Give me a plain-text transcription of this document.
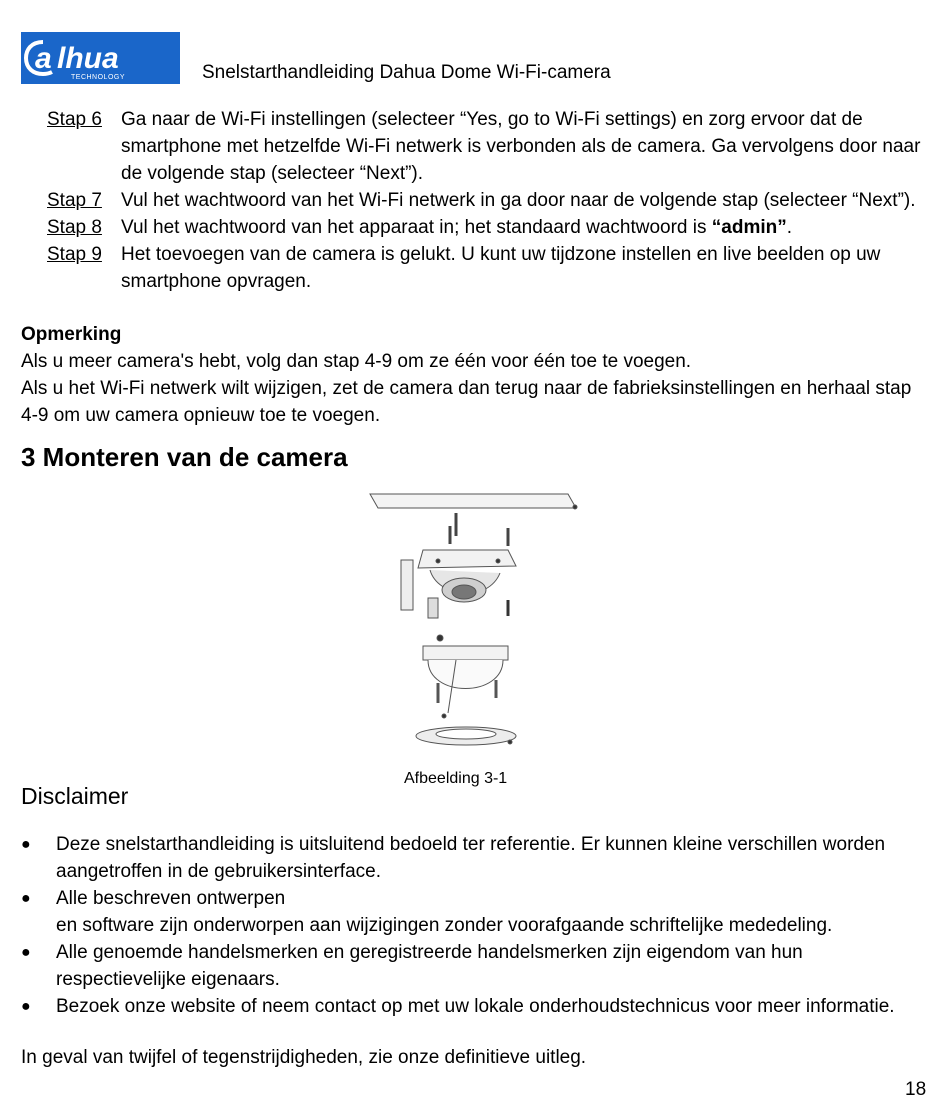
a lhua
TECHNOLOGY	Snelstarthandleiding Dahua Dome Wi-Fi-camera
Stap 6 Ga naar de Wi-Fi instellingen (selecteer “Yes, go to Wi-Fi settings) en zorg ervoor dat de smartphone met hetzelfde Wi-Fi netwerk is verbonden als de camera. Ga vervolgens door naar de volgende stap (selecteer “Next”).
Stap 7 Vul het wachtwoord van het Wi-Fi netwerk in ga door naar de volgende stap (selecteer “Next”).
Stap 8 Vul het wachtwoord van het apparaat in; het standaard wachtwoord is “admin”.
Stap 9 Het toevoegen van de camera is gelukt. U kunt uw tijdzone instellen en live beelden op uw smartphone opvragen.
Opmerking
Als u meer camera's hebt, volg dan stap 4-9 om ze één voor één toe te voegen.
Als u het Wi-Fi netwerk wilt wijzigen, zet de camera dan terug naar de fabrieksinstellingen en herhaal stap 4-9 om uw camera opnieuw toe te voegen.
3 Monteren van de camera
Afbeelding 3-1
Disclaimer
● Deze snelstarthandleiding is uitsluitend bedoeld ter referentie. Er kunnen kleine verschillen worden aangetroffen in de gebruikersinterface.
● Alle beschreven ontwerpen
en software zijn onderworpen aan wijzigingen zonder voorafgaande schriftelijke mededeling.
● Alle genoemde handelsmerken en geregistreerde handelsmerken zijn eigendom van hun respectievelijke eigenaars.
● Bezoek onze website of neem contact op met uw lokale onderhoudstechnicus voor meer informatie.
In geval van twijfel of tegenstrijdigheden, zie onze definitieve uitleg.
18
